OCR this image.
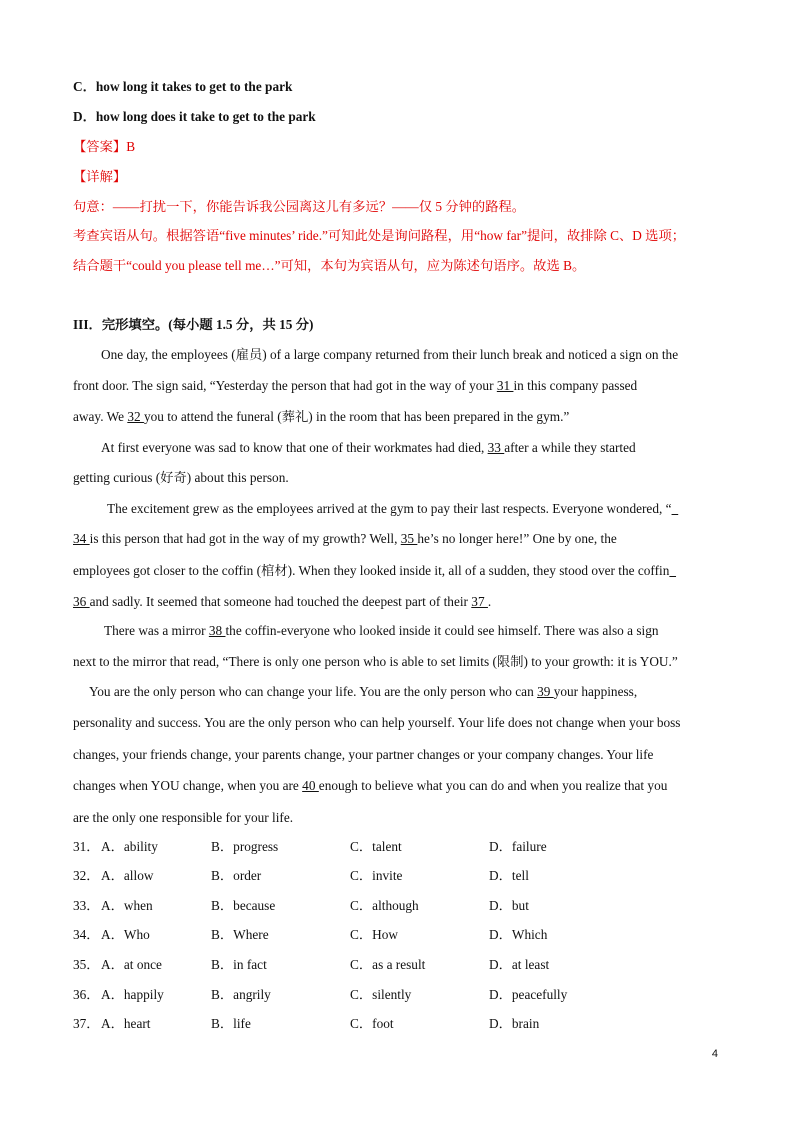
C．how long it takes to get to the park
D．how long does it take to get to the park
【答案】B
【详解】
句意：——打扰一下，你能告诉我公园离这儿有多远？——仅 5 分钟的路程。
考查宾语从句。根据答语“five minutes’ ride.”可知此处是询问路程，用“how far”提问，故排除 C、D 选项；
结合题干“could you please tell me…”可知，本句为宾语从句，应为陈述句语序。故选 B。
III．完形填空。(每小题 1.5 分，共 15 分)
One day, the employees (雇员) of a large company returned from their lunch break and noticed a sign on the
front door. The sign said, “Yesterday the person that had got in the way of your 31 in this company passed
away. We 32 you to attend the funeral (葬礼) in the room that has been prepared in the gym.”
At first everyone was sad to know that one of their workmates had died, 33 after a while they started
getting curious (好奇) about this person.
The excitement grew as the employees arrived at the gym to pay their last respects. Everyone wondered, “
34 is this person that had got in the way of my growth? Well, 35 he’s no longer here!” One by one, the
employees got closer to the coffin (棺材). When they looked inside it, all of a sudden, they stood over the coffin
36 and sadly. It seemed that someone had touched the deepest part of their 37 .
There was a mirror 38 the coffin-everyone who looked inside it could see himself. There was also a sign
next to the mirror that read, “There is only one person who is able to set limits (限制) to your growth: it is YOU.”
You are the only person who can change your life. You are the only person who can 39 your happiness,
personality and success. You are the only person who can help yourself. Your life does not change when your boss
changes, your friends change, your parents change, your partner changes or your company changes. Your life
changes when YOU change, when you are 40 enough to believe what you can do and when you realize that you
are the only one responsible for your life.
31． A．ability	B．progress	C．talent	D．failure
32． A．allow	B．order	C．invite	D．tell
33． A．when	B．because	C．although	D．but
34． A．Who	B．Where	C．How	D．Which
35． A．at once	B．in fact	C．as a result	D．at least
36． A．happily	B．angrily	C．silently	D．peacefully
37． A．heart	B．life	C．foot	D．brain
4
